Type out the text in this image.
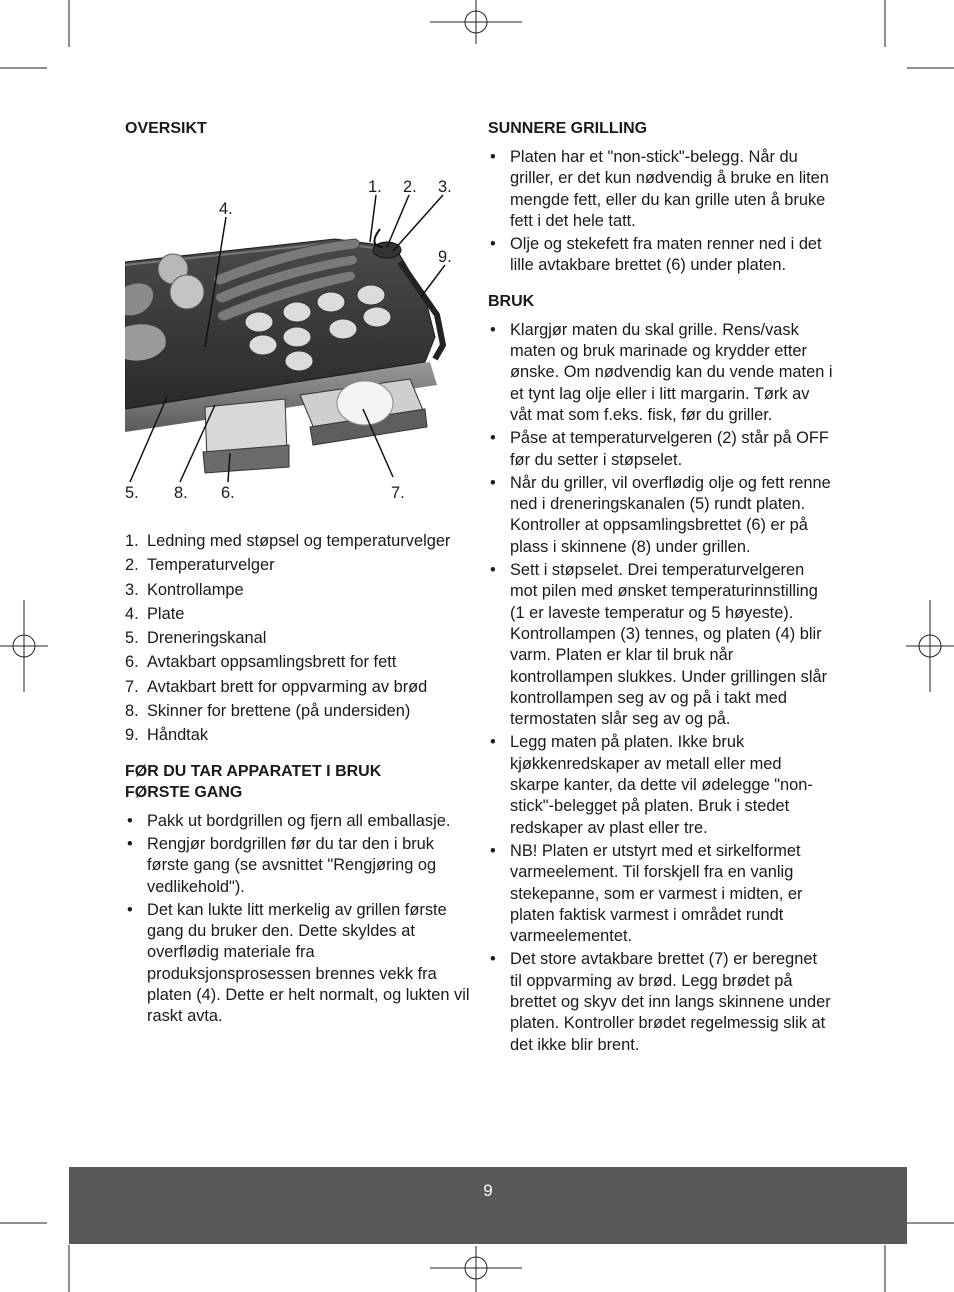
OVERSIKT
1. 2. 3.
4.
9.
5. 8. 6.	7.
1. Ledning med støpsel og temperaturvelger
2. Temperaturvelger
3. Kontrollampe
4. Plate
5. Dreneringskanal
6. Avtakbart oppsamlingsbrett for fett
7. Avtakbart brett for oppvarming av brød
8. Skinner for brettene (på undersiden)
9. Håndtak
FØR DU TAR APPARATET I BRUK
FØRSTE GANG
• Pakk ut bordgrillen og fjern all emballasje.
• Rengjør bordgrillen før du tar den i bruk første gang (se avsnittet "Rengjøring og vedlikehold").
• Det kan lukte litt merkelig av grillen første gang du bruker den. Dette skyldes at overflødig materiale fra produksjonsprosessen brennes vekk fra platen (4). Dette er helt normalt, og lukten vil raskt avta.
SUNNERE GRILLING
• Platen har et "non-stick"-belegg. Når du griller, er det kun nødvendig å bruke en liten mengde fett, eller du kan grille uten å bruke fett i det hele tatt.
• Olje og stekefett fra maten renner ned i det lille avtakbare brettet (6) under platen.
BRUK
• Klargjør maten du skal grille. Rens/vask maten og bruk marinade og krydder etter ønske. Om nødvendig kan du vende maten i et tynt lag olje eller i litt margarin. Tørk av våt mat som f.eks. fisk, før du griller.
• Påse at temperaturvelgeren (2) står på OFF før du setter i støpselet.
• Når du griller, vil overflødig olje og fett renne ned i dreneringskanalen (5) rundt platen. Kontroller at oppsamlingsbrettet (6) er på plass i skinnene (8) under grillen.
• Sett i støpselet. Drei temperaturvelgeren mot pilen med ønsket temperaturinnstilling (1 er laveste temperatur og 5 høyeste). Kontrollampen (3) tennes, og platen (4) blir varm. Platen er klar til bruk når kontrollampen slukkes. Under grillingen slår kontrollampen seg av og på i takt med termostaten slår seg av og på.
• Legg maten på platen. Ikke bruk kjøkkenredskaper av metall eller med skarpe kanter, da dette vil ødelegge "non-stick"-belegget på platen. Bruk i stedet redskaper av plast eller tre.
• NB! Platen er utstyrt med et sirkelformet varmeelement. Til forskjell fra en vanlig stekepanne, som er varmest i midten, er platen faktisk varmest i området rundt varmeelementet.
• Det store avtakbare brettet (7) er beregnet til oppvarming av brød. Legg brødet på brettet og skyv det inn langs skinnene under platen. Kontroller brødet regelmessig slik at det ikke blir brent.
9
